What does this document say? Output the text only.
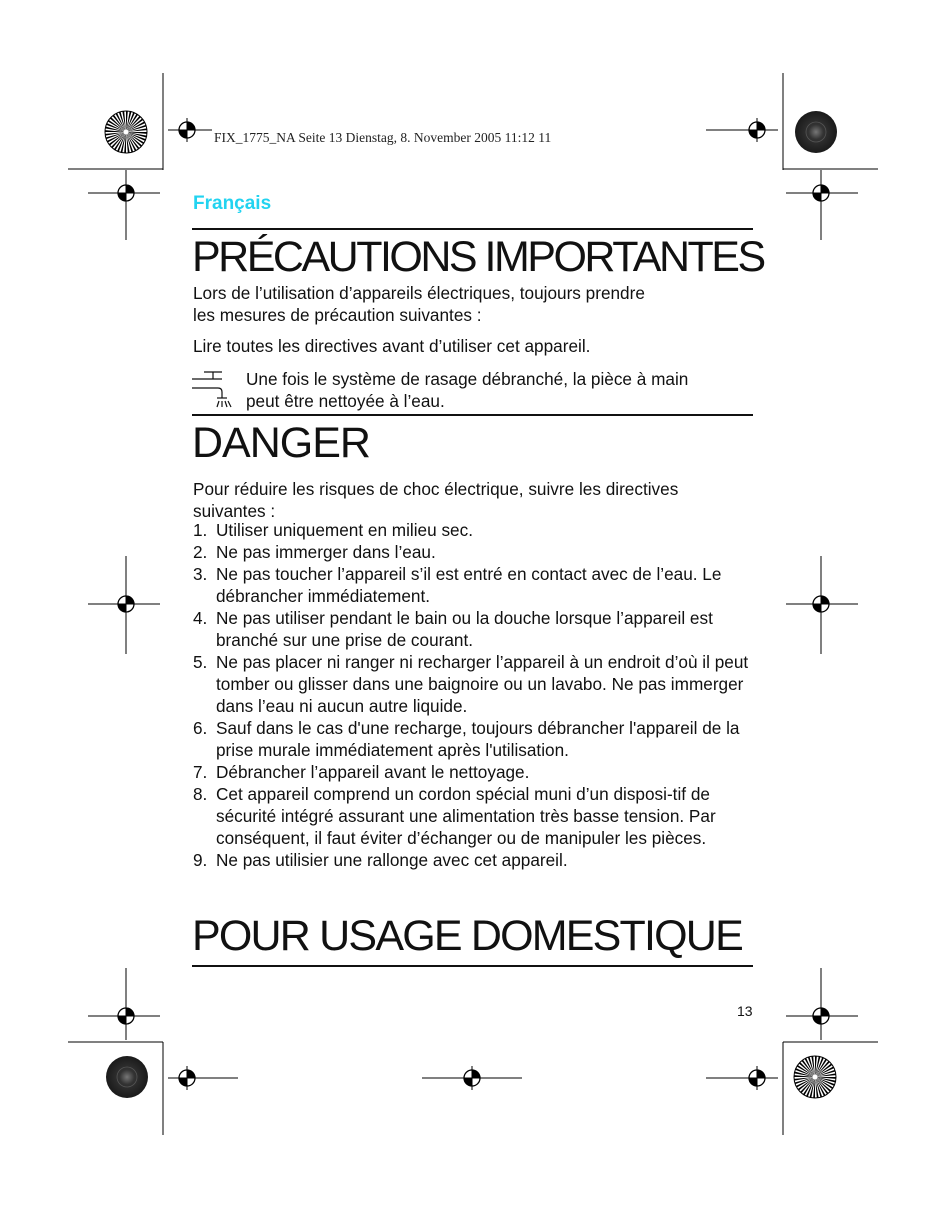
FIX_1775_NA Seite 13 Dienstag, 8. November 2005 11:12 11
Français
PRÉCAUTIONS IMPORTANTES
Lors de l’utilisation d’appareils électriques, toujours prendre
les mesures de précaution suivantes :
Lire toutes les directives avant d’utiliser cet appareil.
Une fois le système de rasage débranché, la pièce à main
peut être nettoyée à l’eau.
DANGER
Pour réduire les risques de choc électrique, suivre les directives
suivantes :
1. Utiliser uniquement en milieu sec.
2. Ne pas immerger dans l’eau.
3. Ne pas toucher l’appareil s’il est entré en contact avec de l’eau. Le débrancher immédiatement.
4. Ne pas utiliser pendant le bain ou la douche lorsque l’appareil est branché sur une prise de courant.
5. Ne pas placer ni ranger ni recharger l’appareil à un endroit d’où il peut tomber ou glisser dans une baignoire ou un lavabo. Ne pas immerger dans l’eau ni aucun autre liquide.
6. Sauf dans le cas d'une recharge, toujours débrancher l'appareil de la prise murale immédiatement après l'utilisation.
7. Débrancher l’appareil avant le nettoyage.
8. Cet appareil comprend un cordon spécial muni d’un disposi-tif de sécurité intégré assurant une alimentation très basse tension. Par conséquent, il faut éviter d’échanger ou de manipuler les pièces.
9. Ne pas utilisier une rallonge avec cet appareil.
POUR USAGE DOMESTIQUE
13
